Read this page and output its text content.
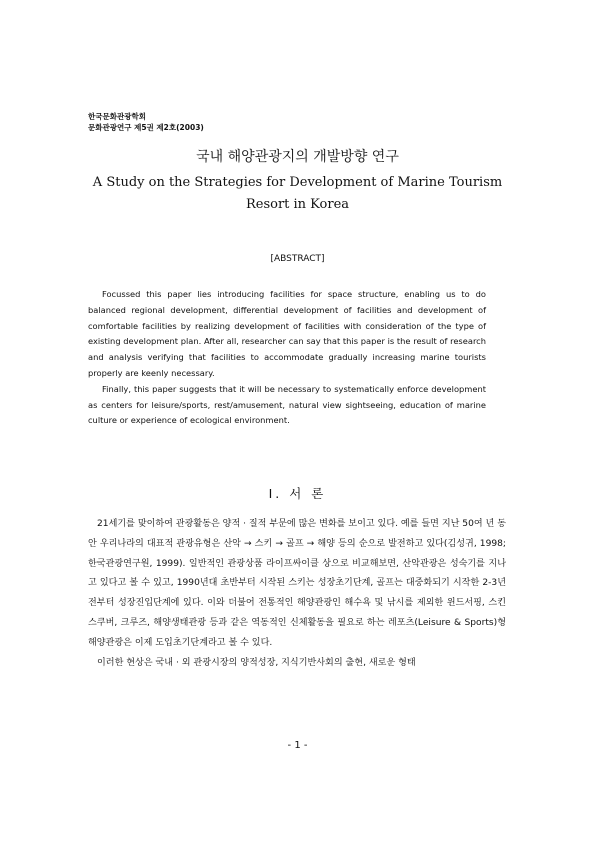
한국문화관광학회
문화관광연구 제5권 제2호(2003)
국내 해양관광지의 개발방향 연구
A Study on the Strategies for Development of Marine Tourism
Resort in Korea
[ABSTRACT]

Focussed this paper lies introducing facilities for space structure, enabling us to do balanced regional development, differential development of facilities and development of comfortable facilities by realizing development of facilities with consideration of the type of existing development plan. After all, researcher can say that this paper is the result of research and analysis verifying that facilities to accommodate gradually increasing marine tourists properly are keenly necessary.

Finally, this paper suggests that it will be necessary to systematically enforce development as centers for leisure/sports, rest/amusement, natural view sightseeing, education of marine culture or experience of ecological environment.

Ⅰ. 서 론

21세기를 맞이하여 관광활동은 양적 · 질적 부문에 많은 변화를 보이고 있다. 예를 들면 지난 50여 년 동안 우리나라의 대표적 관광유형은 산악 → 스키 → 골프 → 해양 등의 순으로 발전하고 있다(김성귀, 1998; 한국관광연구원, 1999). 일반적인 관광상품 라이프싸이클 상으로 비교해보면, 산악관광은 성숙기를 지나고 있다고 볼 수 있고, 1990년대 초반부터 시작된 스키는 성장초기단계, 골프는 대중화되기 시작한 2-3년 전부터 성장진입단계에 있다. 이와 더불어 전통적인 해양관광인 해수욕 및 낚시를 제외한 윈드서핑, 스킨스쿠버, 크루즈, 해양생태관광 등과 같은 역동적인 신체활동을 필요로 하는 레포츠(Leisure & Sports)형 해양관광은 이제 도입초기단계라고 볼 수 있다.

이러한 현상은 국내 · 외 관광시장의 양적성장, 지식기반사회의 출현, 새로운 형태

- 1 -
